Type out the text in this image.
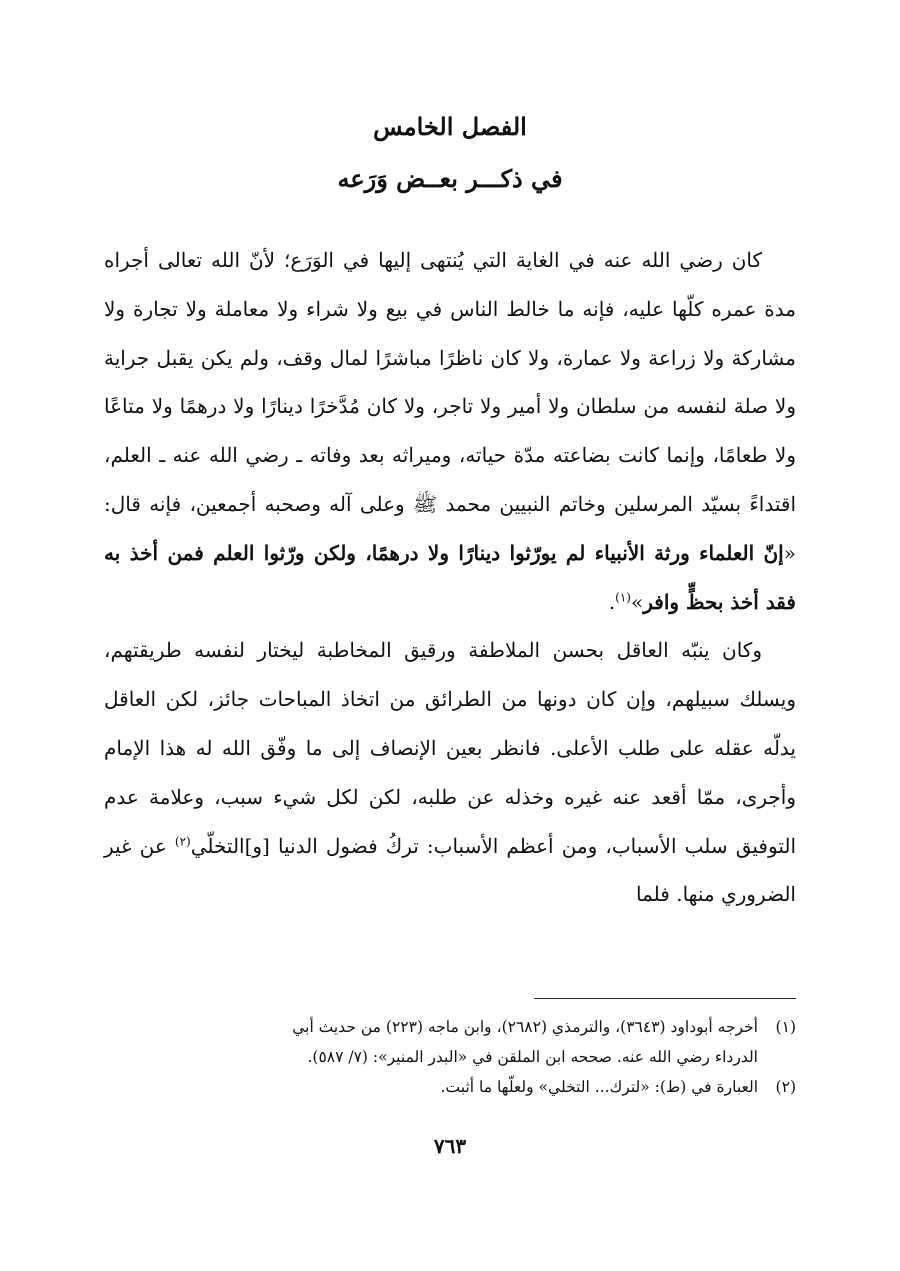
الفصل الخامس
في ذكـــر بعــض وَرَعه

كان رضي الله عنه في الغاية التي يُنتهى إليها في الوَرَع؛ لأنّ الله تعالى أجراه مدة عمره كلّها عليه، فإنه ما خالط الناس في بيع ولا شراء ولا معاملة ولا تجارة ولا مشاركة ولا زراعة ولا عمارة، ولا كان ناظرًا مباشرًا لمال وقف، ولم يكن يقبل جراية ولا صلة لنفسه من سلطان ولا أمير ولا تاجر، ولا كان مُدَّخرًا دينارًا ولا درهمًا ولا متاعًا ولا طعامًا، وإنما كانت بضاعته مدّة حياته، وميراثه بعد وفاته ـ رضي الله عنه ـ العلم، اقتداءً بسيّد المرسلين وخاتم النبيين محمد ﷺ وعلى آله وصحبه أجمعين، فإنه قال: «إنّ العلماء ورثة الأنبياء لم يورّثوا دينارًا ولا درهمًا، ولكن ورّثوا العلم فمن أخذ به فقد أخذ بحظٍّ وافر»$^{(١)}$.

وكان ينبّه العاقل بحسن الملاطفة ورقيق المخاطبة ليختار لنفسه طريقتهم، ويسلك سبيلهم، وإن كان دونها من الطرائق من اتخاذ المباحات جائز، لكن العاقل يدلّه عقله على طلب الأعلى. فانظر بعين الإنصاف إلى ما وفّق الله له هذا الإمام وأجرى، ممّا أقعد عنه غيره وخذله عن طلبه، لكن لكل شيء سبب، وعلامة عدم التوفيق سلب الأسباب، ومن أعظم الأسباب: تركُ فضول الدنيا [و]التخلّي$^{(٢)}$ عن غير الضروري منها. فلما

(١)أخرجه أبوداود (٣٦٤٣)، والترمذي (٢٦٨٢)، وابن ماجه (٢٢٣) من حديث أبي

الدرداء رضي الله عنه. صححه ابن الملقن في «البدر المنير»: (٧/ ٥٨٧).

(٢)العبارة في (ط): «لترك... التخلي» ولعلّها ما أثبت.

٧٦٣
